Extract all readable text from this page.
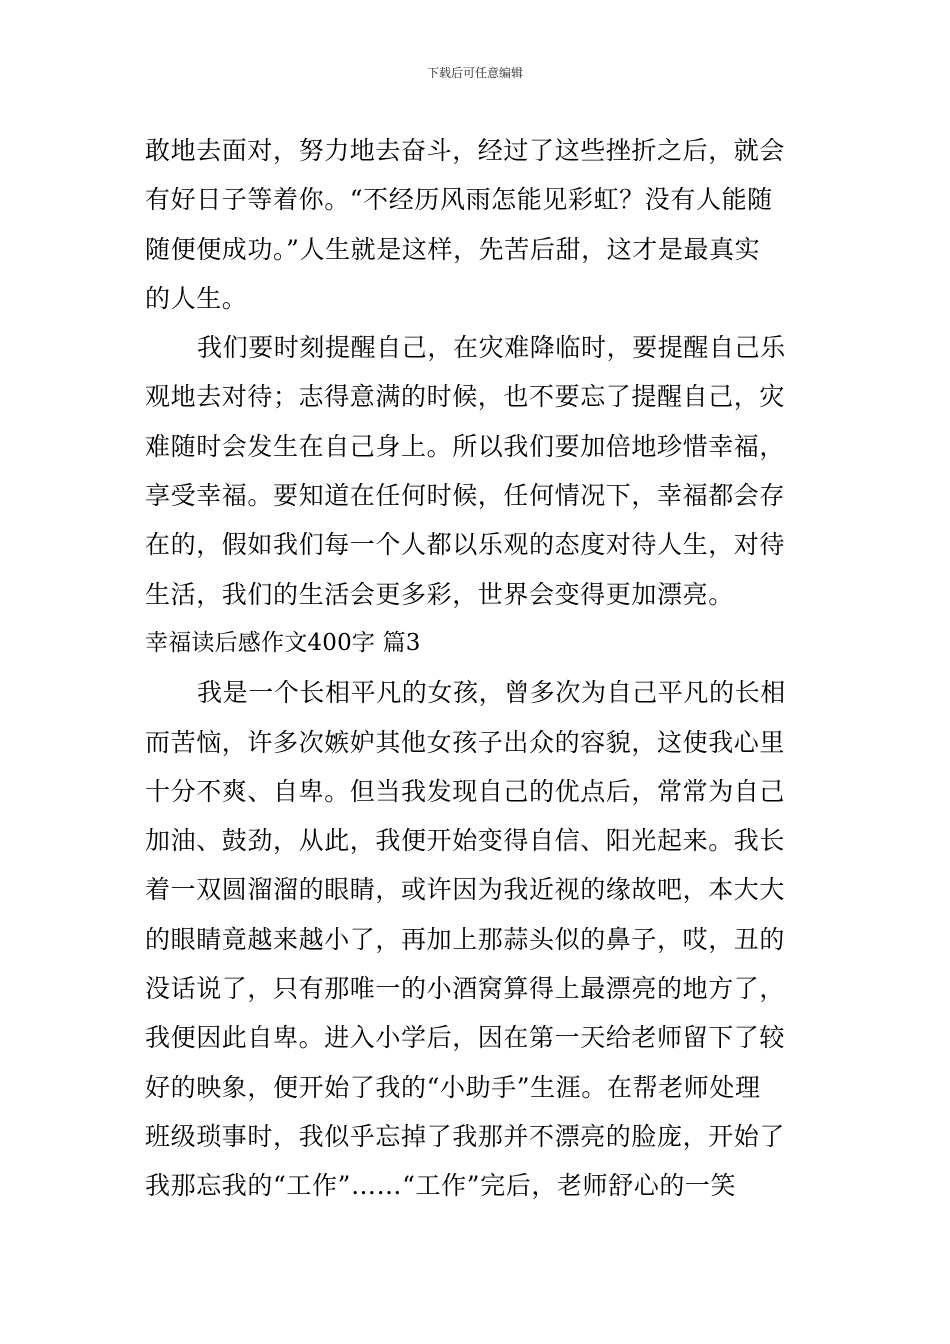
下载后可任意编辑
敢地去面对，努力地去奋斗，经过了这些挫折之后，就会
有好日子等着你。“不经历风雨怎能见彩虹？没有人能随
随便便成功。”人生就是这样，先苦后甜，这才是最真实
的人生。
我们要时刻提醒自己，在灾难降临时，要提醒自己乐
观地去对待；志得意满的时候，也不要忘了提醒自己，灾
难随时会发生在自己身上。所以我们要加倍地珍惜幸福，
享受幸福。要知道在任何时候，任何情况下，幸福都会存
在的，假如我们每一个人都以乐观的态度对待人生，对待
生活，我们的生活会更多彩，世界会变得更加漂亮。
幸福读后感作文400字 篇3
我是一个长相平凡的女孩，曾多次为自己平凡的长相
而苦恼，许多次嫉妒其他女孩子出众的容貌，这使我心里
十分不爽、自卑。但当我发现自己的优点后，常常为自己
加油、鼓劲，从此，我便开始变得自信、阳光起来。我长
着一双圆溜溜的眼睛，或许因为我近视的缘故吧，本大大
的眼睛竟越来越小了，再加上那蒜头似的鼻子，哎，丑的
没话说了，只有那唯一的小酒窝算得上最漂亮的地方了，
我便因此自卑。进入小学后，因在第一天给老师留下了较
好的映象，便开始了我的“小助手”生涯。在帮老师处理
班级琐事时，我似乎忘掉了我那并不漂亮的脸庞，开始了
我那忘我的“工作”……“工作”完后，老师舒心的一笑
